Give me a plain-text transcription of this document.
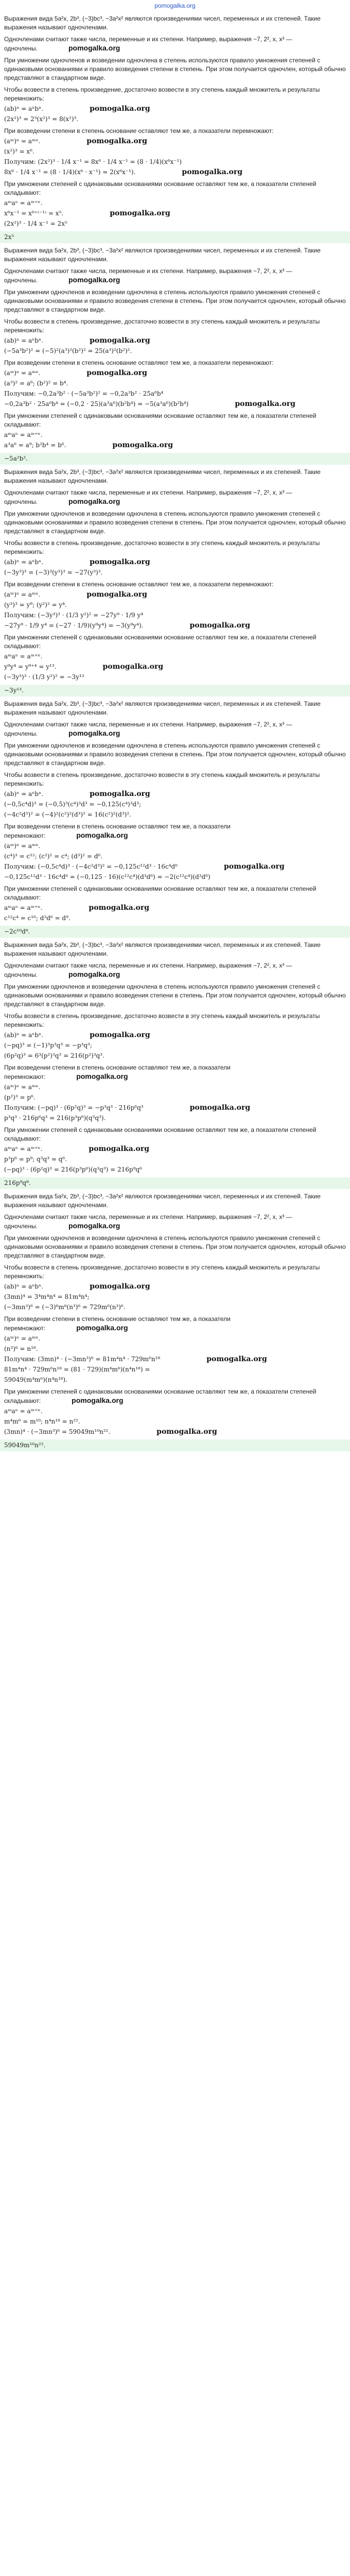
pomogalka.org
Выражения вида 5a²x, 2b³, (−3)bc³, −3a²x² являются произведениями чисел, переменных и их степеней. Такие выражения называют одночленами.
Одночленами считают также числа, переменные и их степени. Например, выражения −7, 2², x, x³ — одночлены.	pomogalka.org
При умножении одночленов и возведении одночлена в степень используются правило умножения степеней с одинаковыми основаниями и правило возведения степени в степень. При этом получается одночлен, который обычно представляют в стандартном виде.
Чтобы возвести в степень произведение, достаточно возвести в эту степень каждый множитель и результаты перемножить:
(ab)ⁿ = aⁿbⁿ.	pomogalka.org
(2x²)³ = 2³(x²)³ = 8(x²)³.
При возведении степени в степень основание оставляют тем же, а показатели перемножают:
(aᵐ)ⁿ = aᵐⁿ.	pomogalka.org
(x²)³ = x⁶.
Получим: (2x²)³ · 1/4 x⁻¹ = 8x⁶ · 1/4 x⁻¹ = (8 · 1/4)(x⁶x⁻¹)
8x⁶ · 1/4 x⁻¹ = (8 · 1/4)(x⁶ · x⁻¹) = 2(x⁶x⁻¹).	pomogalka.org
При умножении степеней с одинаковыми основаниями основание оставляют тем же, а показатели степеней складывают:
aᵐaⁿ = aᵐ⁺ⁿ.
x⁶x⁻¹ = x⁶⁺⁽⁻¹⁾ = x⁵.	pomogalka.org
(2x²)³ · 1/4 x⁻¹ = 2x⁵
2x⁵
Выражения вида 5a²x, 2b³, (−3)bc³, −3a²x² являются произведениями чисел, переменных и их степеней. Такие выражения называют одночленами.
Одночленами считают также числа, переменные и их степени. Например, выражения −7, 2², x, x³ — одночлены.	pomogalka.org
При умножении одночленов и возведении одночлена в степень используются правило умножения степеней с одинаковыми основаниями и правило возведения степени в степень. При этом получается одночлен, который обычно представляют в стандартном виде.
Чтобы возвести в степень произведение, достаточно возвести в эту степень каждый множитель и результаты перемножить:
(ab)ⁿ = aⁿbⁿ.	pomogalka.org
(−5a³b²)² = (−5)²(a³)²(b²)² = 25(a³)²(b²)².
При возведении степени в степень основание оставляют тем же, а показатели перемножают:
(aᵐ)ⁿ = aᵐⁿ.	pomogalka.org
(a³)² = a⁶; (b²)² = b⁴.
Получим: −0,2a³b² · (−5a³b²)² = −0,2a³b² · 25a⁶b⁴
−0,2a³b² · 25a⁶b⁴ = (−0,2 · 25)(a³a⁶)(b²b⁴) = −5(a³a⁶)(b²b⁴)	pomogalka.org
При умножении степеней с одинаковыми основаниями основание оставляют тем же, а показатели степеней складывают:
aᵐaⁿ = aᵐ⁺ⁿ.
a³a⁶ = a⁹; b²b⁴ = b⁶.	pomogalka.org
−5a²b².
Выражения вида 5a²x, 2b³, (−3)bc³, −3a²x² являются произведениями чисел, переменных и их степеней. Такие выражения называют одночленами.
Одночленами считают также числа, переменные и их степени. Например, выражения −7, 2², x, x³ — одночлены.	pomogalka.org
При умножении одночленов и возведении одночлена в степень используются правило умножения степеней с одинаковыми основаниями и правило возведения степени в степень. При этом получается одночлен, который обычно представляют в стандартном виде.
Чтобы возвести в степень произведение, достаточно возвести в эту степень каждый множитель и результаты перемножить:
(ab)ⁿ = aⁿbⁿ.	pomogalka.org
(−3y³)³ = (−3)³(y³)³ = −27(y³)³.
При возведении степени в степень основание оставляют тем же, а показатели перемножают:
(aᵐ)ⁿ = aᵐⁿ.	pomogalka.org
(y³)³ = y⁹; (y²)² = y⁴.
Получим: (−3y³)³ · (1/3 y²)² = −27y⁹ · 1/9 y⁴
−27y⁹ · 1/9 y⁴ = (−27 · 1/9)(y⁹y⁴) = −3(y⁹y⁴).	pomogalka.org
При умножении степеней с одинаковыми основаниями основание оставляют тем же, а показатели степеней складывают:
aᵐaⁿ = aᵐ⁺ⁿ.
y⁹y⁴ = y⁹⁺⁴ = y¹³.	pomogalka.org
(−3y³)³ · (1/3 y²)² = −3y¹³
−3y¹³.
Выражения вида 5a²x, 2b³, (−3)bc³, −3a²x² являются произведениями чисел, переменных и их степеней. Такие выражения называют одночленами.
Одночленами считают также числа, переменные и их степени. Например, выражения −7, 2², x, x³ — одночлены.	pomogalka.org
При умножении одночленов и возведении одночлена в степень используются правило умножения степеней с одинаковыми основаниями и правило возведения степени в степень. При этом получается одночлен, который обычно представляют в стандартном виде.
Чтобы возвести в степень произведение, достаточно возвести в эту степень каждый множитель и результаты перемножить:
(ab)ⁿ = aⁿbⁿ.	pomogalka.org
(−0,5c⁴d)³ = (−0,5)³(c⁴)³d³ = −0,125(c⁴)³d³;
(−4c²d³)² = (−4)²(c²)²(d³)² = 16(c²)²(d³)².
При возведении степени в степень основание оставляют тем же, а показатели перемножают:	pomogalka.org
(aᵐ)ⁿ = aᵐⁿ.
(c⁴)³ = c¹²; (c²)² = c⁴; (d³)² = d⁶.
Получим: (−0,5c⁴d)³ · (−4c²d³)² = −0,125c¹²d³ · 16c⁴d⁶	pomogalka.org
−0,125c¹²d³ · 16c⁴d⁶ = (−0,125 · 16)(c¹²c⁴)(d³d⁶) = −2(c¹²c⁴)(d³d⁶)
При умножении степеней с одинаковыми основаниями основание оставляют тем же, а показатели степеней складывают:
aᵐaⁿ = aᵐ⁺ⁿ.	pomogalka.org
c¹²c⁴ = c¹⁶; d³d⁶ = d⁹.
−2c¹⁰d⁸.
Выражения вида 5a²x, 2b³, (−3)bc³, −3a²x² являются произведениями чисел, переменных и их степеней. Такие выражения называют одночленами.
Одночленами считают также числа, переменные и их степени. Например, выражения −7, 2², x, x³ — одночлены.	pomogalka.org
При умножении одночленов и возведении одночлена в степень используются правило умножения степеней с одинаковыми основаниями и правило возведения степени в степень. При этом получается одночлен, который обычно представляют в стандартном виде.
Чтобы возвести в степень произведение, достаточно возвести в эту степень каждый множитель и результаты перемножить:
(ab)ⁿ = aⁿbⁿ.	pomogalka.org
(−pq)³ = (−1)³p³q³ = −p³q³;
(6p²q)³ = 6³(p²)³q³ = 216(p²)³q³.
При возведении степени в степень основание оставляют тем же, а показатели перемножают:	pomogalka.org
(aᵐ)ⁿ = aᵐⁿ.
(p²)³ = p⁶.
Получим: (−pq)³ · (6p²q)³ = −p³q³ · 216p⁶q³	pomogalka.org
p³q³ · 216p⁶q³ = 216(p³p⁶)(q³q³).
При умножении степеней с одинаковыми основаниями основание оставляют тем же, а показатели степеней складывают:
aᵐaⁿ = aᵐ⁺ⁿ.	pomogalka.org
p³p⁶ = p⁹; q³q³ = q⁶.
(−pq)³ · (6p²q)³ = 216(p³p⁶)(q³q³) = 216p⁹q⁶
216p⁹q⁸.
Выражения вида 5a²x, 2b³, (−3)bc³, −3a²x² являются произведениями чисел, переменных и их степеней. Такие выражения называют одночленами.
Одночленами считают также числа, переменные и их степени. Например, выражения −7, 2², x, x³ — одночлены.	pomogalka.org
При умножении одночленов и возведении одночлена в степень используются правило умножения степеней с одинаковыми основаниями и правило возведения степени в степень. При этом получается одночлен, который обычно представляют в стандартном виде.
Чтобы возвести в степень произведение, достаточно возвести в эту степень каждый множитель и результаты перемножить:
(ab)ⁿ = aⁿbⁿ.	pomogalka.org
(3mn)⁴ = 3⁴m⁴n⁴ = 81m⁴n⁴;
(−3mn³)⁶ = (−3)⁶m⁶(n³)⁶ = 729m⁶(n³)⁶.
При возведении степени в степень основание оставляют тем же, а показатели перемножают:	pomogalka.org
(aᵐ)ⁿ = aᵐⁿ.
(n³)⁶ = n¹⁸.
Получим: (3mn)⁴ · (−3mn³)⁶ = 81m⁴n⁴ · 729m⁶n¹⁸	pomogalka.org
81m⁴n⁴ · 729m⁶n¹⁸ = (81 · 729)(m⁴m⁶)(n⁴n¹⁸) =
59049(m⁴m⁶)(n⁴n¹⁸).
При умножении степеней с одинаковыми основаниями основание оставляют тем же, а показатели степеней складывают:	pomogalka.org
aᵐaⁿ = aᵐ⁺ⁿ.
m⁴m⁶ = m¹⁰; n⁴n¹⁸ = n²².
(3mn)⁴ · (−3mn³)⁶ = 59049m¹⁰n²².	pomogalka.org
59049m¹⁶n²².
